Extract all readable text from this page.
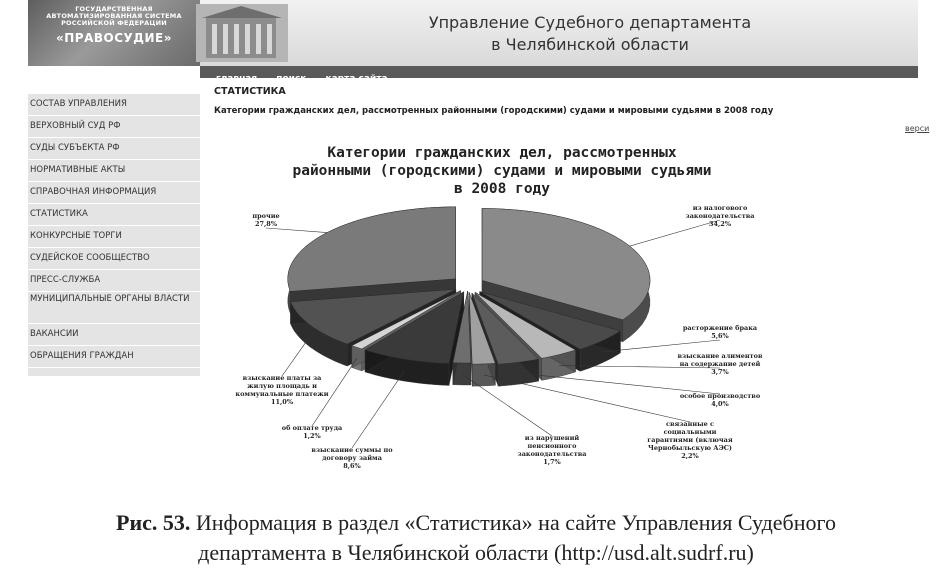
ГОСУДАРСТВЕННАЯ
АВТОМАТИЗИРОВАННАЯ СИСТЕМА
РОССИЙСКОЙ ФЕДЕРАЦИИ
«ПРАВОСУДИЕ»
Управление Судебного департамента
в Челябинской области
главная поиск карта сайта
СОСТАВ УПРАВЛЕНИЯ
ВЕРХОВНЫЙ СУД РФ
СУДЫ СУБЪЕКТА РФ
НОРМАТИВНЫЕ АКТЫ
СПРАВОЧНАЯ ИНФОРМАЦИЯ
СТАТИСТИКА
КОНКУРСНЫЕ ТОРГИ
СУДЕЙСКОЕ СООБЩЕСТВО
ПРЕСС-СЛУЖБА
МУНИЦИПАЛЬНЫЕ ОРГАНЫ ВЛАСТИ
ВАКАНСИИ
ОБРАЩЕНИЯ ГРАЖДАН
СТАТИСТИКА
Категории гражданских дел, рассмотренных районными (городскими) судами и мировыми судьями в 2008 году
верси
Категории гражданских дел, рассмотренных
районными (городскими) судами и мировыми судьями
в 2008 году
из налогового законодательства 34,2%
расторжение брака 5,6%
взыскание алиментов на содержание детей 3,7%
особое производство 4,0%
связанные с социальными гарантиями (включая Чернобыльскую АЭС) 2,2%
из нарушений пенсионного законодательства 1,7%
взыскание суммы по договору займа 8,6%
об оплате труда 1,2%
взыскание платы за жилую площадь и коммунальные платежи 11,0%
прочие 27,8%
Рис. 53. Информация в раздел «Статистика» на сайте Управления Судебного
департамента в Челябинской области (http://usd.alt.sudrf.ru)
